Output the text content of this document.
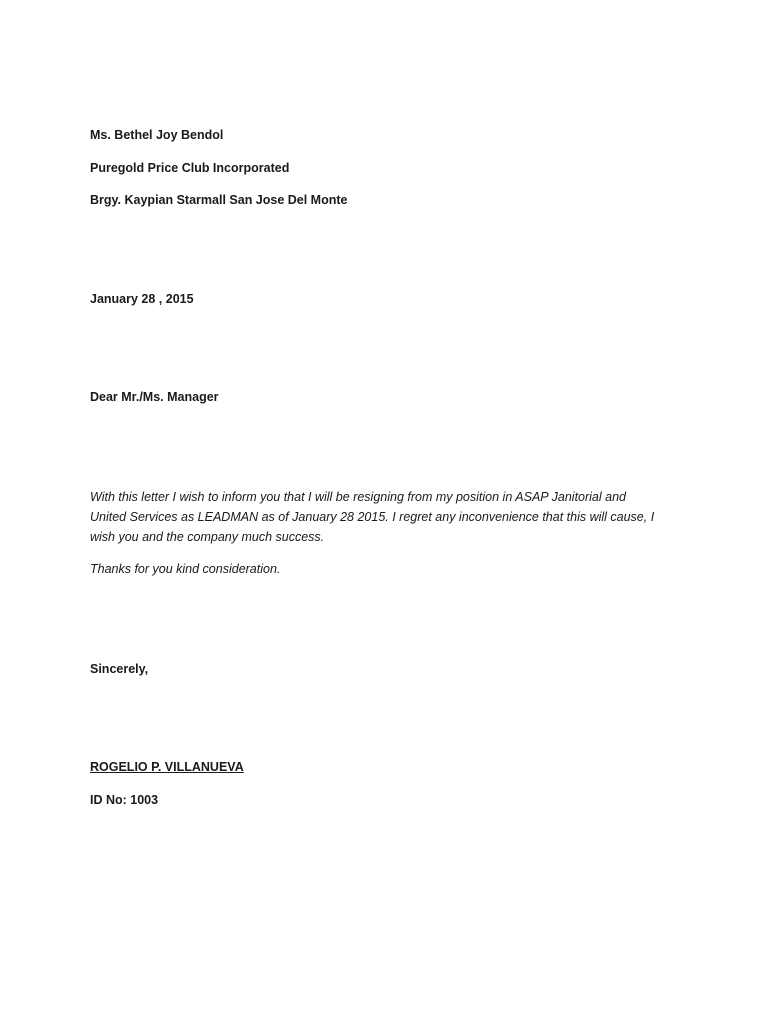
Ms. Bethel Joy Bendol
Puregold Price Club Incorporated
Brgy. Kaypian Starmall San Jose Del Monte
January 28 , 2015
Dear Mr./Ms. Manager
With this letter I wish to inform you that I will be resigning from my position in ASAP Janitorial and
United Services as LEADMAN as of January 28 2015. I regret any inconvenience that this will cause, I
wish you and the company much success.
Thanks for you kind consideration.
Sincerely,
ROGELIO P. VILLANUEVA
ID No: 1003
